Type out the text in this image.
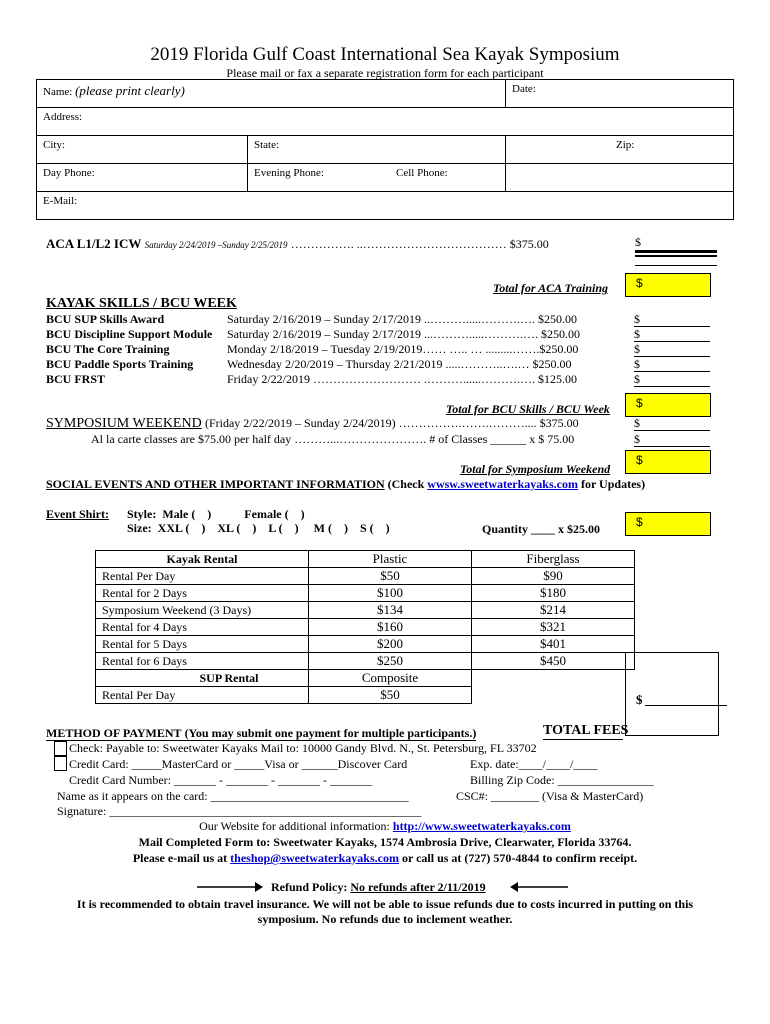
2019 Florida Gulf Coast International Sea Kayak Symposium
Please mail or fax a separate registration form for each participant
Name: (please print clearly)		Date:
Address:		
City:	State:	Zip:
Day Phone:	Evening Phone:	Cell Phone:
E-Mail:		
ACA L1/L2 ICW Saturday 2/24/2019 –Sunday 2/25/2019 ……………. ..……………………………… $375.00	$
Total for ACA Training	$
KAYAK SKILLS / BCU WEEK
BCU SUP Skills Award	Saturday 2/16/2019 – Sunday 2/17/2019 ..……….....……….…. $250.00	$
BCU Discipline Support Module Saturday 2/16/2019 – Sunday 2/17/2019 ...……….....……….…. $250.00	$
BCU The Core Training	Monday 2/18/2019 – Tuesday 2/19/2019…… ….. … .........…….$250.00	$
BCU Paddle Sports Training	Wednesday 2/20/2019 – Thursday 2/21/2019 .....………..….… $250.00	$
BCU FRST	Friday 2/22/2019 ……………………… .………......……….…. $125.00	$
Total for BCU Skills / BCU Week	$
SYMPOSIUM WEEKEND (Friday 2/22/2019 – Sunday 2/24/2019) …………….…….……….... $375.00	$
Al la carte classes are $75.00 per half day ………...…………………. # of Classes ______ x $ 75.00	$
Total for Symposium Weekend
$
SOCIAL EVENTS AND OTHER IMPORTANT INFORMATION (Check wwsw.sweetwaterkayaks.com for Updates)
Event Shirt: Style:  Male (    )           Female (    )
Size:  XXL (    )    XL (    )    L (    )     M (    )    S (    )	Quantity ____ x $25.00	$
Kayak Rental	Plastic	Fiberglass
Rental Per Day	$50	$90
Rental for 2 Days	$100	$180
Symposium Weekend (3 Days)	$134	$214
Rental for 4 Days	$160	$321
Rental for 5 Days	$200	$401
Rental for 6 Days	$250	$450
SUP Rental	Composite	
Rental Per Day	$50		$
TOTAL FEES
METHOD OF PAYMENT (You may submit one payment for multiple participants.)
Check: Payable to: Sweetwater Kayaks Mail to: 10000 Gandy Blvd. N., St. Petersburg, FL 33702
Credit Card: _____MasterCard or _____Visa or ______Discover Card	Exp. date:____/____/____
Credit Card Number: _______ - _______ - _______ - _______	Billing Zip Code: ________________
Name as it appears on the card: _________________________________	CSC#: ________ (Visa & MasterCard)
Signature: ____________________________________________________
Our Website for additional information: http://www.sweetwaterkayaks.com
Mail Completed Form to: Sweetwater Kayaks, 1574 Ambrosia Drive, Clearwater, Florida 33764.
Please e-mail us at theshop@sweetwaterkayaks.com or call us at (727) 570-4844 to confirm receipt.
Refund Policy: No refunds after 2/11/2019
It is recommended to obtain travel insurance. We will not be able to issue refunds due to costs incurred in putting on this
symposium. No refunds due to inclement weather.
